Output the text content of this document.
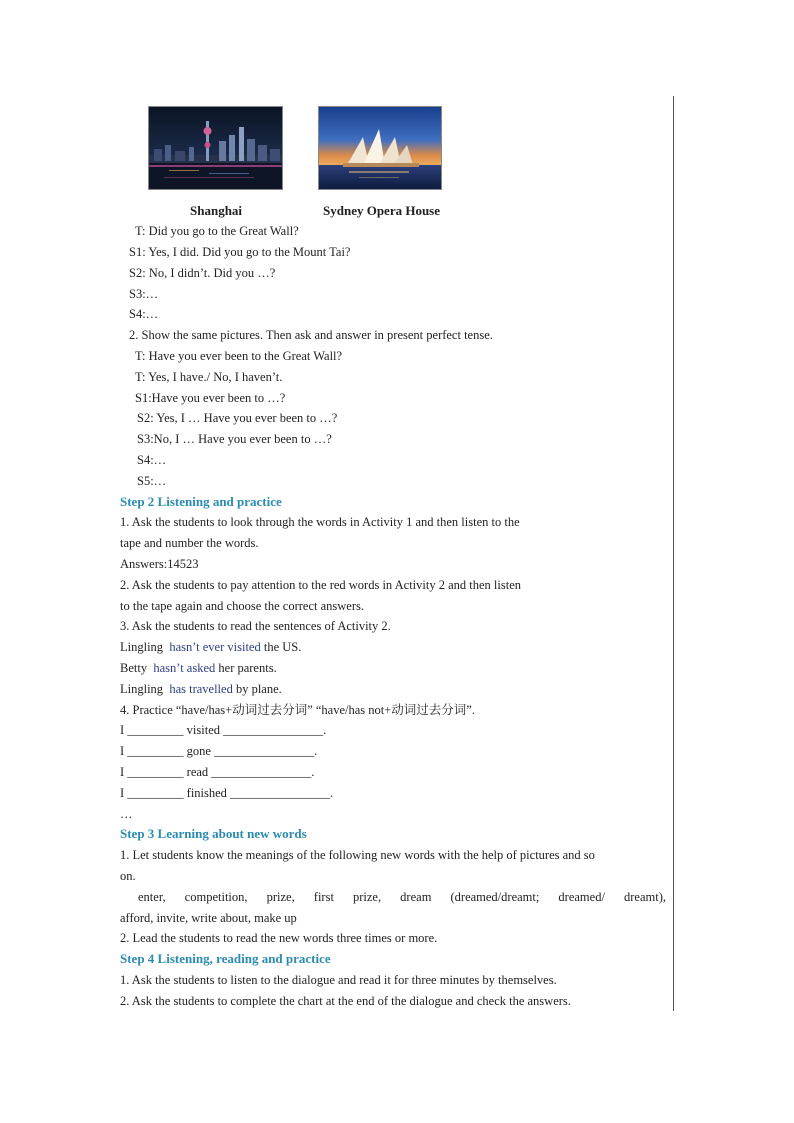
Shanghai	Sydney Opera House
T: Did you go to the Great Wall?
S1: Yes, I did. Did you go to the Mount Tai?
S2: No, I didn’t. Did you …?
S3:…
S4:…
2. Show the same pictures. Then ask and answer in present perfect tense.
T: Have you ever been to the Great Wall?
T: Yes, I have./ No, I haven’t.
S1:Have you ever been to …?
S2: Yes, I … Have you ever been to …?
S3:No, I … Have you ever been to …?
S4:…
S5:…
Step 2 Listening and practice
1. Ask the students to look through the words in Activity 1 and then listen to the
tape and number the words.
Answers:14523
2. Ask the students to pay attention to the red words in Activity 2 and then listen
to the tape again and choose the correct answers.
3. Ask the students to read the sentences of Activity 2.
Lingling  hasn’t ever visited the US.
Betty  hasn’t asked her parents.
Lingling  has travelled by plane.
4. Practice “have/has+动词过去分词” “have/has not+动词过去分词”.
I _________ visited ________________.
I _________ gone ________________.
I _________ read ________________.
I _________ finished ________________.
…
Step 3 Learning about new words
1. Let students know the meanings of the following new words with the help of pictures and so
on.
enter, competition, prize, first prize, dream (dreamed/dreamt; dreamed/ dreamt),
afford, invite, write about, make up
2. Lead the students to read the new words three times or more.
Step 4 Listening, reading and practice
1. Ask the students to listen to the dialogue and read it for three minutes by themselves.
2. Ask the students to complete the chart at the end of the dialogue and check the answers.
